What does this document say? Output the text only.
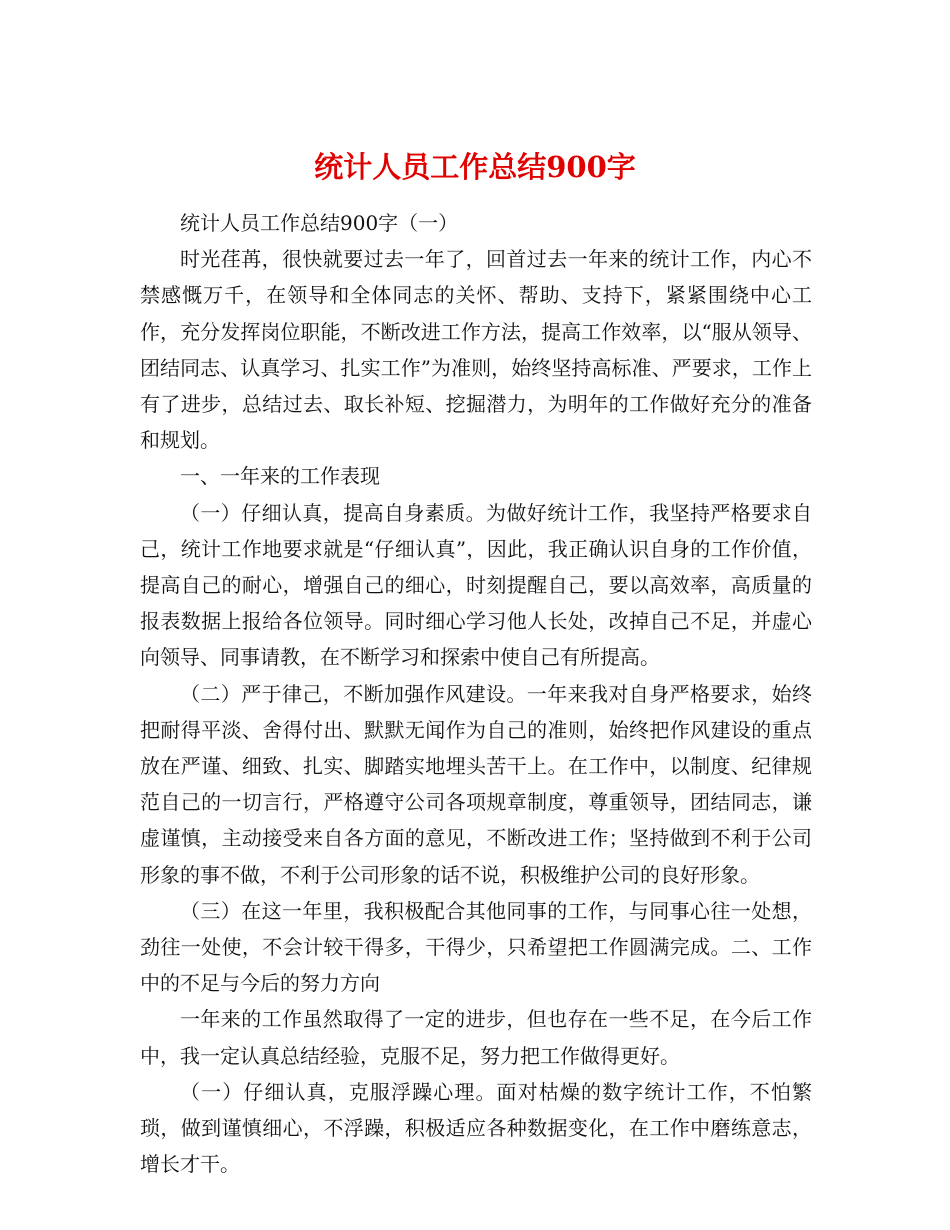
统计人员工作总结900字

统计人员工作总结900字（一）

时光荏苒，很快就要过去一年了，回首过去一年来的统计工作，内心不禁感慨万千，在领导和全体同志的关怀、帮助、支持下，紧紧围绕中心工作，充分发挥岗位职能，不断改进工作方法，提高工作效率，以“服从领导、团结同志、认真学习、扎实工作”为准则，始终坚持高标准、严要求，工作上有了进步，总结过去、取长补短、挖掘潜力，为明年的工作做好充分的准备和规划。

一、一年来的工作表现

（一）仔细认真，提高自身素质。为做好统计工作，我坚持严格要求自己，统计工作地要求就是“仔细认真”，因此，我正确认识自身的工作价值，提高自己的耐心，增强自己的细心，时刻提醒自己，要以高效率，高质量的报表数据上报给各位领导。同时细心学习他人长处，改掉自己不足，并虚心向领导、同事请教，在不断学习和探索中使自己有所提高。

（二）严于律己，不断加强作风建设。一年来我对自身严格要求，始终把耐得平淡、舍得付出、默默无闻作为自己的准则，始终把作风建设的重点放在严谨、细致、扎实、脚踏实地埋头苦干上。在工作中，以制度、纪律规范自己的一切言行，严格遵守公司各项规章制度，尊重领导，团结同志，谦虚谨慎，主动接受来自各方面的意见，不断改进工作；坚持做到不利于公司形象的事不做，不利于公司形象的话不说，积极维护公司的良好形象。

（三）在这一年里，我积极配合其他同事的工作，与同事心往一处想，劲往一处使，不会计较干得多，干得少，只希望把工作圆满完成。二、工作中的不足与今后的努力方向

一年来的工作虽然取得了一定的进步，但也存在一些不足，在今后工作中，我一定认真总结经验，克服不足，努力把工作做得更好。

（一）仔细认真，克服浮躁心理。面对枯燥的数字统计工作，不怕繁琐，做到谨慎细心，不浮躁，积极适应各种数据变化，在工作中磨练意志，增长才干。
